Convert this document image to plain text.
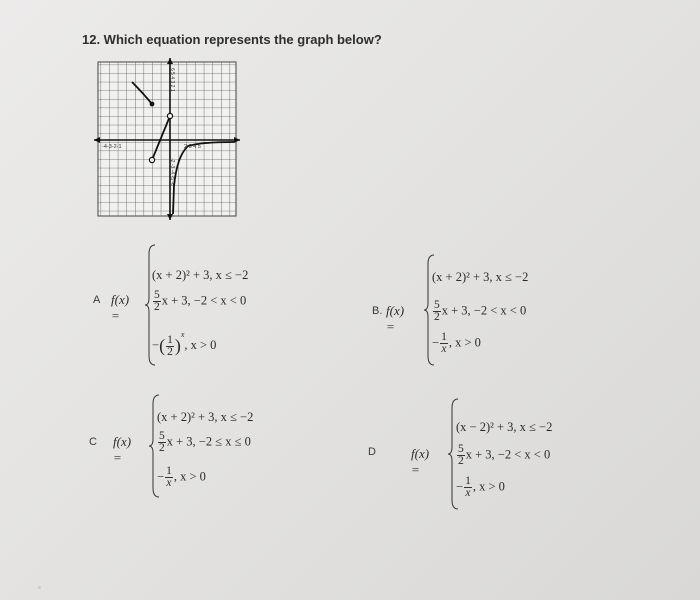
12. Which equation represents the graph below?
-4-3-2-1	2 3 4 5
6 5 4 3 2 1
-2 -3 -4 -5 -6
A f(x) =
(x + 2)² + 3, x ≤ −2
$\frac{5}{2}$ x + 3, −2 < x < 0
−( $\frac{1}{2} )^x$, x > 0
B. f(x) =
(x + 2)² + 3, x ≤ −2
$\frac{5}{2}$ x + 3, −2 < x < 0
− $\frac{1}{x}$ , x > 0
C f(x) =
(x + 2)² + 3, x ≤ −2
$\frac{5}{2}$ x + 3, −2 ≤ x ≤ 0
− $\frac{1}{x}$ , x > 0
D	f(x) =
(x − 2)² + 3, x ≤ −2
$\frac{5}{2}$ x + 3, −2 < x < 0
− $\frac{1}{x}$ , x > 0
